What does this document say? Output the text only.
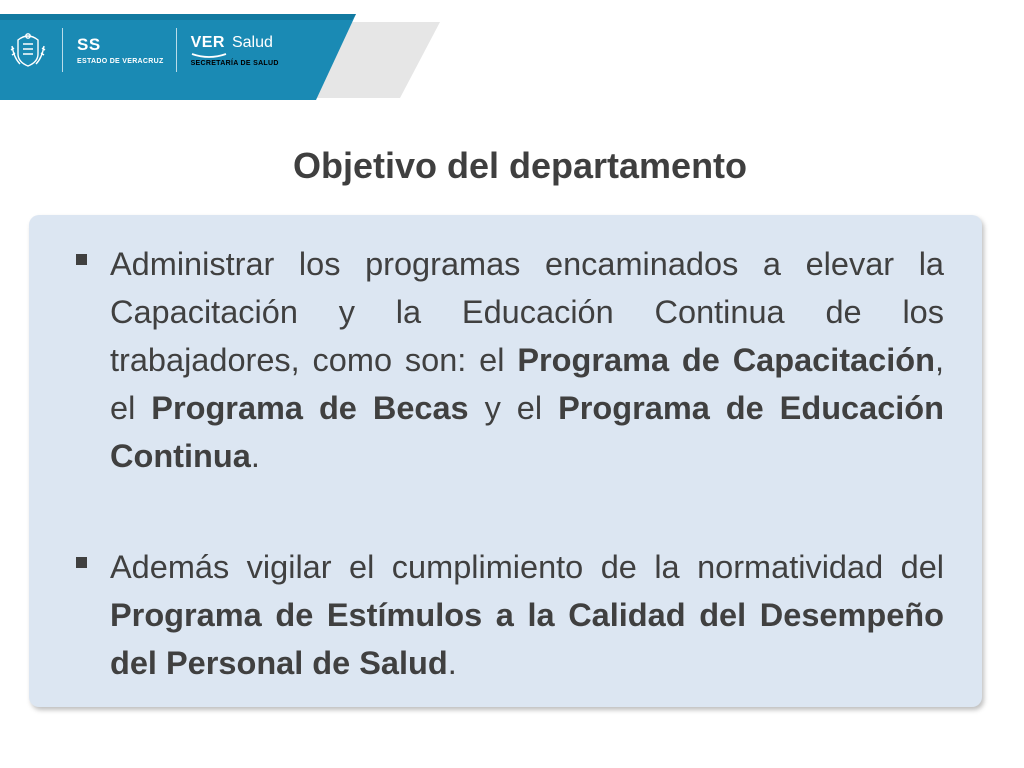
SS
ESTADO DE VERACRUZ
VER Salud
SECRETARÍA DE SALUD
Objetivo del departamento
Administrar los programas encaminados a elevar la Capacitación y la Educación Continua de los trabajadores, como son: el Programa de Capacitación, el Programa de Becas y el Programa de Educación Continua.
Además vigilar el cumplimiento de la normatividad del Programa de Estímulos a la Calidad del Desempeño del Personal de Salud.
